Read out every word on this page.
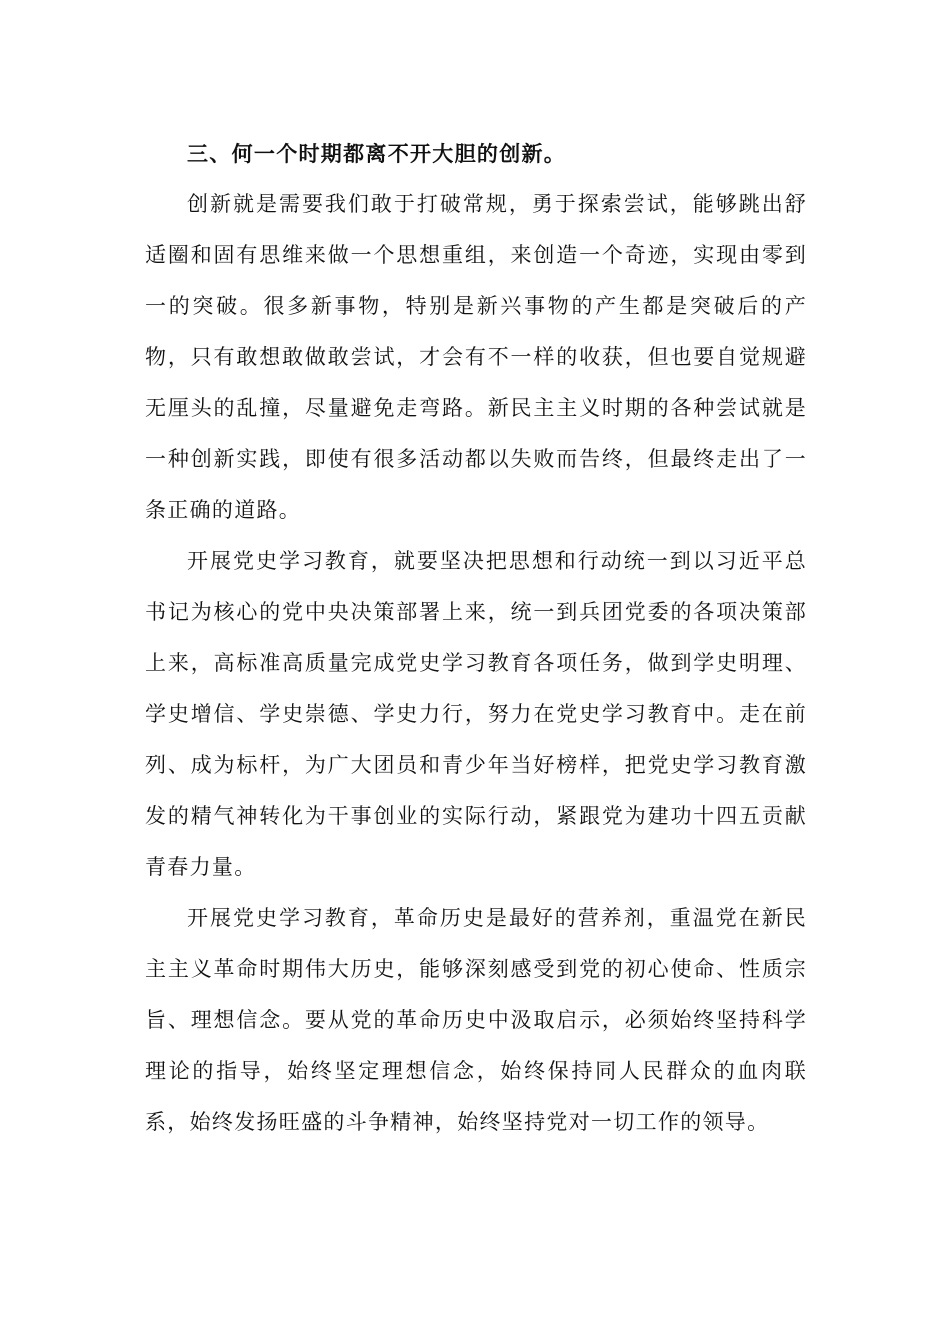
三、何一个时期都离不开大胆的创新。

创新就是需要我们敢于打破常规，勇于探索尝试，能够跳出舒适圈和固有思维来做一个思想重组，来创造一个奇迹，实现由零到一的突破。很多新事物，特别是新兴事物的产生都是突破后的产物，只有敢想敢做敢尝试，才会有不一样的收获，但也要自觉规避无厘头的乱撞，尽量避免走弯路。新民主主义时期的各种尝试就是一种创新实践，即使有很多活动都以失败而告终，但最终走出了一条正确的道路。

开展党史学习教育，就要坚决把思想和行动统一到以习近平总书记为核心的党中央决策部署上来，统一到兵团党委的各项决策部上来，高标准高质量完成党史学习教育各项任务，做到学史明理、学史增信、学史崇德、学史力行，努力在党史学习教育中。走在前列、成为标杆，为广大团员和青少年当好榜样，把党史学习教育激发的精气神转化为干事创业的实际行动，紧跟党为建功十四五贡献青春力量。

开展党史学习教育，革命历史是最好的营养剂，重温党在新民主主义革命时期伟大历史，能够深刻感受到党的初心使命、性质宗旨、理想信念。要从党的革命历史中汲取启示，必须始终坚持科学理论的指导，始终坚定理想信念，始终保持同人民群众的血肉联系，始终发扬旺盛的斗争精神，始终坚持党对一切工作的领导。
